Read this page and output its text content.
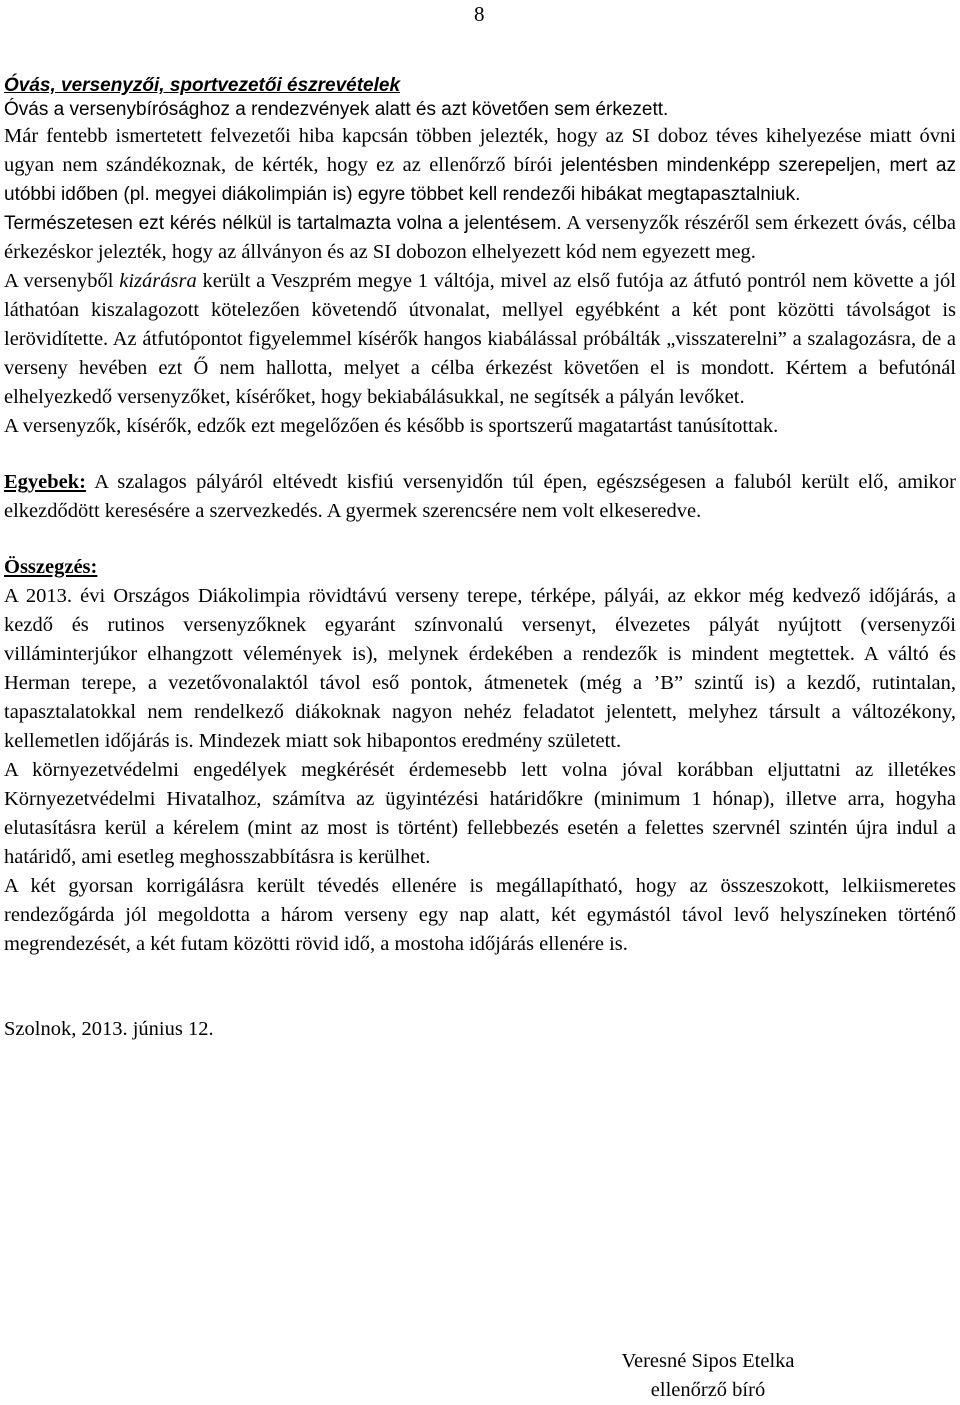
8

Óvás, versenyzői, sportvezetői észrevételek

Óvás a versenybírósághoz a rendezvények alatt és azt követően sem érkezett.

Már fentebb ismertetett felvezetői hiba kapcsán többen jelezték, hogy az SI doboz téves kihelyezése miatt óvni ugyan nem szándékoznak, de kérték, hogy ez az ellenőrző bírói jelentésben mindenképp szerepeljen, mert az utóbbi időben (pl. megyei diákolimpián is) egyre többet kell rendezői hibákat megtapasztalniuk.
Természetesen ezt kérés nélkül is tartalmazta volna a jelentésem. A versenyzők részéről sem érkezett óvás, célba érkezéskor jelezték, hogy az állványon és az SI dobozon elhelyezett kód nem egyezett meg.

A versenyből kizárásra került a Veszprém megye 1 váltója, mivel az első futója az átfutó pontról nem követte a jól láthatóan kiszalagozott kötelezően követendő útvonalat, mellyel egyébként a két pont közötti távolságot is lerövidítette. Az átfutópontot figyelemmel kísérők hangos kiabálással próbálták „visszaterelni” a szalagozásra, de a verseny hevében ezt Ő nem hallotta, melyet a célba érkezést követően el is mondott. Kértem a befutónál elhelyezkedő versenyzőket, kísérőket, hogy bekiabálásukkal, ne segítsék a pályán levőket.

A versenyzők, kísérők, edzők ezt megelőzően és később is sportszerű magatartást tanúsítottak.

Egyebek: A szalagos pályáról eltévedt kisfiú versenyidőn túl épen, egészségesen a faluból került elő, amikor elkezdődött keresésére a szervezkedés. A gyermek szerencsére nem volt elkeseredve.

Összegzés:

A 2013. évi Országos Diákolimpia rövidtávú verseny terepe, térképe, pályái, az ekkor még kedvező időjárás, a kezdő és rutinos versenyzőknek egyaránt színvonalú versenyt, élvezetes pályát nyújtott (versenyzői villáminterjúkor elhangzott vélemények is), melynek érdekében a rendezők is mindent megtettek. A váltó és Herman terepe, a vezetővonalaktól távol eső pontok, átmenetek (még a ’B” szintű is) a kezdő, rutintalan, tapasztalatokkal nem rendelkező diákoknak nagyon nehéz feladatot jelentett, melyhez társult a változékony, kellemetlen időjárás is. Mindezek miatt sok hibapontos eredmény született.

A környezetvédelmi engedélyek megkérését érdemesebb lett volna jóval korábban eljuttatni az illetékes Környezetvédelmi Hivatalhoz, számítva az ügyintézési határidőkre (minimum 1 hónap), illetve arra, hogyha elutasításra kerül a kérelem (mint az most is történt) fellebbezés esetén a felettes szervnél szintén újra indul a határidő, ami esetleg meghosszabbításra is kerülhet.

A két gyorsan korrigálásra került tévedés ellenére is megállapítható, hogy az összeszokott, lelkiismeretes rendezőgárda jól megoldotta a három verseny egy nap alatt, két egymástól távol levő helyszíneken történő megrendezését, a két futam közötti rövid idő, a mostoha időjárás ellenére is.

Szolnok, 2013. június 12.

Veresné Sipos Etelka
ellenőrző bíró
